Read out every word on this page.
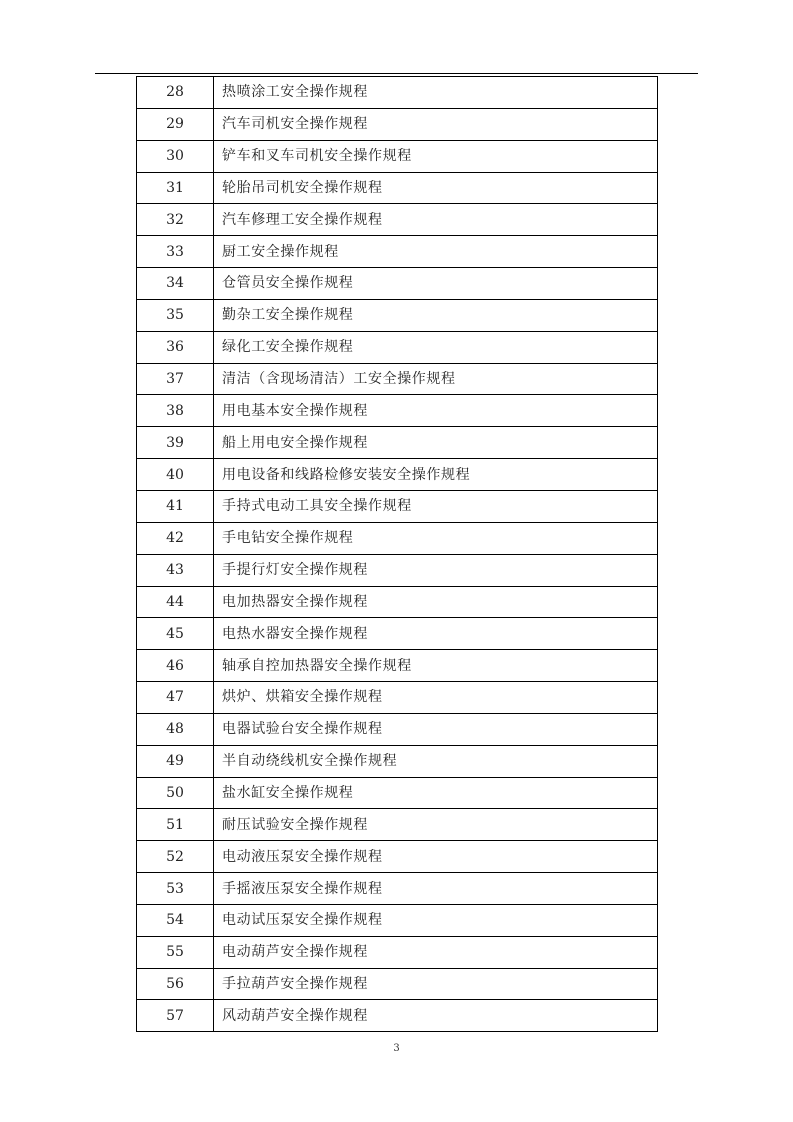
28	热喷涂工安全操作规程
29	汽车司机安全操作规程
30	铲车和叉车司机安全操作规程
31	轮胎吊司机安全操作规程
32	汽车修理工安全操作规程
33	厨工安全操作规程
34	仓管员安全操作规程
35	勤杂工安全操作规程
36	绿化工安全操作规程
37	清洁（含现场清洁）工安全操作规程
38	用电基本安全操作规程
39	船上用电安全操作规程
40	用电设备和线路检修安装安全操作规程
41	手持式电动工具安全操作规程
42	手电钻安全操作规程
43	手提行灯安全操作规程
44	电加热器安全操作规程
45	电热水器安全操作规程
46	轴承自控加热器安全操作规程
47	烘炉、烘箱安全操作规程
48	电器试验台安全操作规程
49	半自动绕线机安全操作规程
50	盐水缸安全操作规程
51	耐压试验安全操作规程
52	电动液压泵安全操作规程
53	手摇液压泵安全操作规程
54	电动试压泵安全操作规程
55	电动葫芦安全操作规程
56	手拉葫芦安全操作规程
57	风动葫芦安全操作规程
3
